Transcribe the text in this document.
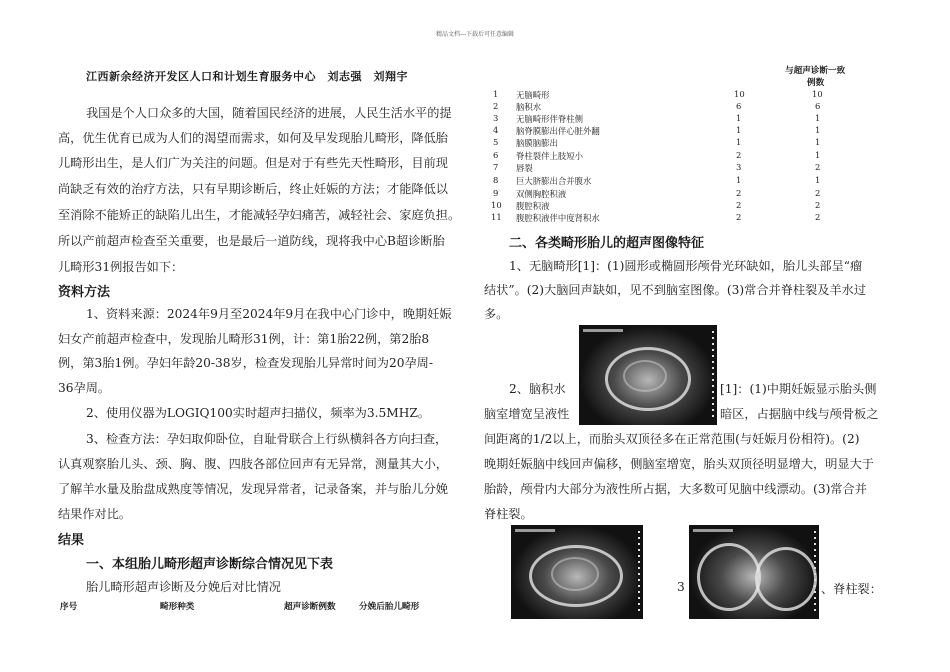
精品文档---下载后可任意编辑
江西新余经济开发区人口和计划生育服务中心　刘志强　刘翔宇
我国是个人口众多的大国，随着国民经济的进展，人民生活水平的提
高，优生优育已成为人们的渴望而需求，如何及早发现胎儿畸形，降低胎
儿畸形出生，是人们广为关注的问题。但是对于有些先天性畸形，目前现
尚缺乏有效的治疗方法，只有早期诊断后，终止妊娠的方法；才能降低以
至消除不能矫正的缺陷儿出生，才能减轻孕妇痛苦，减轻社会、家庭负担。
所以产前超声检查至关重要，也是最后一道防线，现将我中心B超诊断胎
儿畸形31例报告如下：
资料方法
1、资料来源：2024年9月至2024年9月在我中心门诊中，晚期妊娠
妇女产前超声检查中，发现胎儿畸形31例，计：第1胎22例，第2胎8
例，第3胎1例。孕妇年龄20-38岁，检查发现胎儿异常时间为20孕周-
36孕周。
2、使用仪器为LOGIQ100实时超声扫描仪，频率为3.5MHZ。
3、检查方法：孕妇取仰卧位，自耻骨联合上行纵横斜各方向扫查，
认真观察胎儿头、颈、胸、腹、四肢各部位回声有无异常，测量其大小，
了解羊水量及胎盘成熟度等情况，发现异常者，记录备案，并与胎儿分娩
结果作对比。
结果
一、本组胎儿畸形超声诊断综合情况见下表
胎儿畸形超声诊断及分娩后对比情况
序号	畸形种类	超声诊断例数	分娩后胎儿畸形
与超声诊断一致
例数
1 无脑畸形	10	10
2 脑积水	6	6
3 无脑畸形伴脊柱侧	1	1
4 脑脊膜膨出伴心脏外翻	1	1
5 脑膜脑膨出	1	1
6 脊柱裂伴上肢短小	2	1
7 唇裂	3	2
8 巨大脐膨出合并腹水	1	1
9 双侧胸腔积液	2	2
10 腹腔积液	2	2
11 腹腔积液伴中度肾积水	2	2
二、各类畸形胎儿的超声图像特征
1、无脑畸形[1]：(1)圆形或椭圆形颅骨光环缺如，胎儿头部呈“瘤
结状”。(2)大脑回声缺如，见不到脑室图像。(3)常合并脊柱裂及羊水过
多。
2、脑积水	[1]：(1)中期妊娠显示胎头侧
脑室增宽呈液性	暗区，占据脑中线与颅骨板之
间距离的1/2以上，而胎头双顶径多在正常范围(与妊娠月份相符)。(2)
晚期妊娠脑中线回声偏移，侧脑室增宽，胎头双顶径明显增大，明显大于
胎龄，颅骨内大部分为液性所占据，大多数可见脑中线漂动。(3)常合并
脊柱裂。
3	、脊柱裂：
